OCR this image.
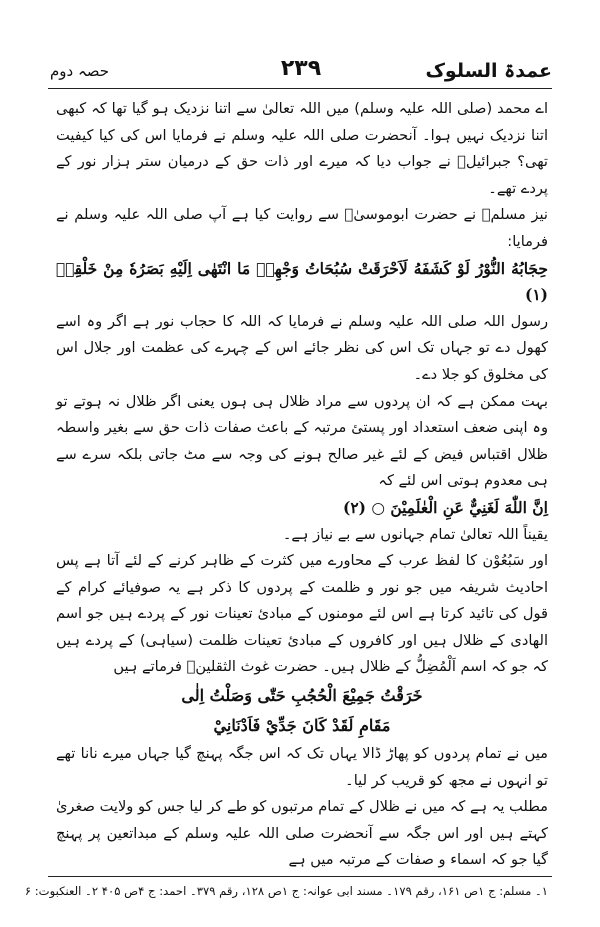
عمدۃ السلوک
۲۳۹
حصہ دوم

اے محمد (صلی اللہ علیہ وسلم) میں اللہ تعالیٰ سے اتنا نزدیک ہو گیا تھا کہ کبھی اتنا نزدیک نہیں ہوا۔ آنحضرت صلی اللہ علیہ وسلم نے فرمایا اس کی کیا کیفیت تھی؟ جبرائیلؑ نے جواب دیا کہ میرے اور ذات حق کے درمیان ستر ہزار نور کے پردے تھے۔

نیز مسلمؒ نے حضرت ابوموسیٰؓ سے روایت کیا ہے آپ صلی اللہ علیہ وسلم نے فرمایا:

حِجَابُهُ النُّوْرُ لَوْ كَشَفَهُ لَاَحْرَقَتْ سُبُحَاتُ وَجْهِهٖ مَا انْتَهٰى اِلَيْهِ بَصَرُهٗ مِنْ خَلْقِهٖ (۱)

رسول اللہ صلی اللہ علیہ وسلم نے فرمایا کہ اللہ کا حجاب نور ہے اگر وہ اسے کھول دے تو جہاں تک اس کی نظر جائے اس کے چہرے کی عظمت اور جلال اس کی مخلوق کو جلا دے۔

بہت ممکن ہے کہ ان پردوں سے مراد ظلال ہی ہوں یعنی اگر ظلال نہ ہوتے تو وہ اپنی ضعف استعداد اور پستیٔ مرتبہ کے باعث صفات ذات حق سے بغیر واسطہ ظلال اقتباس فیض کے لئے غیر صالح ہونے کی وجہ سے مٹ جاتی بلکہ سرے سے ہی معدوم ہوتی اس لئے کہ

اِنَّ اللّٰهَ لَغَنِيٌّ عَنِ الْعٰلَمِيْنَ ○ (۲)

یقیناً اللہ تعالیٰ تمام جہانوں سے بے نیاز ہے۔

اور سَبُعُوْن کا لفظ عرب کے محاورے میں کثرت کے ظاہر کرنے کے لئے آتا ہے پس احادیث شریفہ میں جو نور و ظلمت کے پردوں کا ذکر ہے یہ صوفیائے کرام کے قول کی تائید کرتا ہے اس لئے مومنوں کے مبادیٔ تعینات نور کے پردے ہیں جو اسم الهادی کے ظلال ہیں اور کافروں کے مبادیٔ تعینات ظلمت (سیاہی) کے پردے ہیں کہ جو کہ اسم اَلْمُضِلُّ کے ظلال ہیں۔ حضرت غوث الثقلینؒ فرماتے ہیں

خَرَقْتُ جَمِيْعَ الْحُجُبِ حَتّٰى وَصَلْتُ اِلٰى

مَقَامِ لَقَدْ كَانَ جَدِّيْ فَاَدْنَانِيْ

میں نے تمام پردوں کو پھاڑ ڈالا یہاں تک کہ اس جگہ پہنچ گیا جہاں میرے نانا تھے تو انہوں نے مجھ کو قریب کر لیا۔

مطلب یہ ہے کہ میں نے ظلال کے تمام مرتبوں کو طے کر لیا جس کو ولایت صغریٰ کہتے ہیں اور اس جگہ سے آنحضرت صلی اللہ علیہ وسلم کے مبداتعین پر پہنچ گیا جو کہ اسماء و صفات کے مرتبہ میں ہے

۱۔ مسلم: ج ۱ص ۱۶۱، رقم ۱۷۹۔ مسند ابی عوانہ: ج ۱ص ۱۲۸، رقم ۳۷۹۔ احمد: ج ۴ص ۴۰۵ ۲۔ العنکبوت: ۶
